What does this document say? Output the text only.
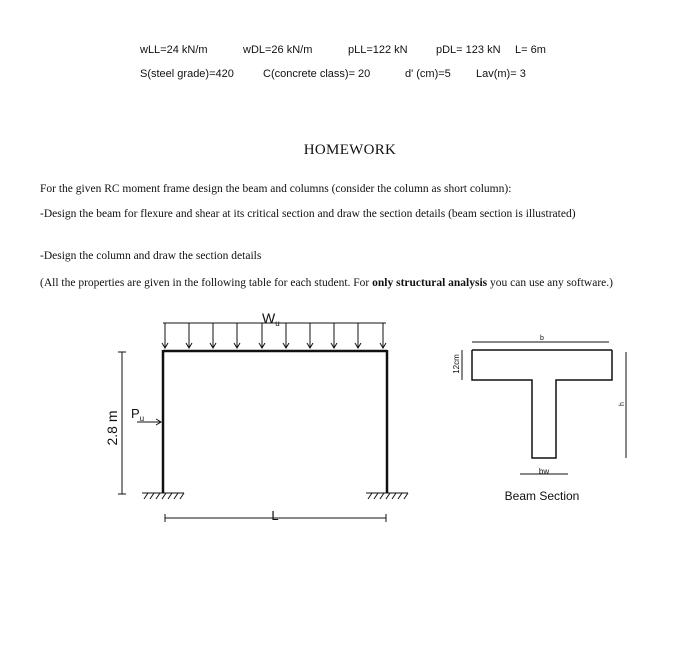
wLL=24 kN/m	wDL=26 kN/m	pLL=122 kN	pDL= 123 kN L= 6m
S(steel grade)=420	C(concrete class)= 20	d' (cm)=5 Lav(m)= 3
HOMEWORK
For the given RC moment frame design the beam and columns (consider the column as short column):
-Design the beam for flexure and shear at its critical section and draw the section details (beam section is illustrated)
-Design the column and draw the section details
(All the properties are given in the following table for each student. For only structural analysis you can use any software.)
$W_u$
$P_u$
2.8 m
L
b
12cm
h
bw
Beam Section
